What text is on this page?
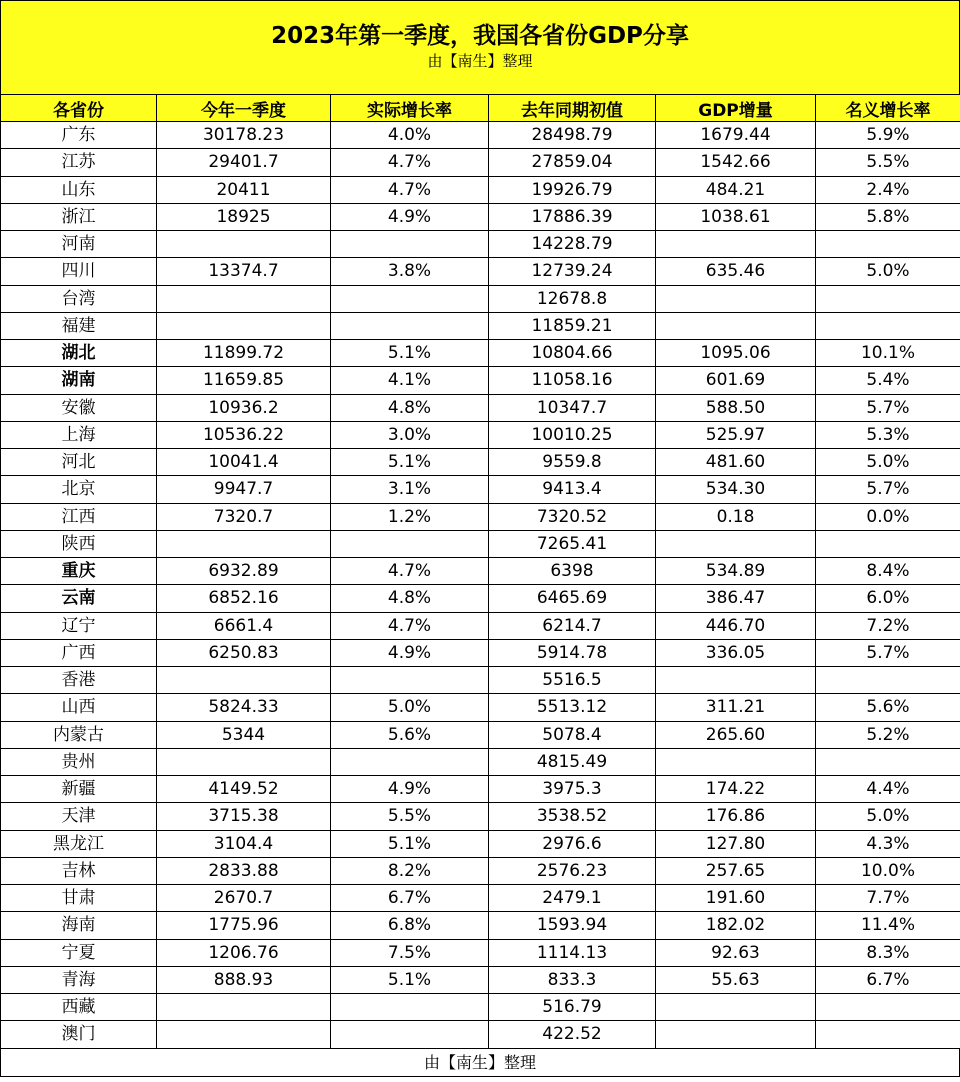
2023年第一季度，我国各省份GDP分享
由【南生】整理
各省份	今年一季度	实际增长率	去年同期初值	GDP增量	名义增长率
广东	30178.23	4.0%	28498.79	1679.44	5.9%
江苏	29401.7	4.7%	27859.04	1542.66	5.5%
山东	20411	4.7%	19926.79	484.21	2.4%
浙江	18925	4.9%	17886.39	1038.61	5.8%
河南			14228.79		
四川	13374.7	3.8%	12739.24	635.46	5.0%
台湾			12678.8		
福建			11859.21		
湖北	11899.72	5.1%	10804.66	1095.06	10.1%
湖南	11659.85	4.1%	11058.16	601.69	5.4%
安徽	10936.2	4.8%	10347.7	588.50	5.7%
上海	10536.22	3.0%	10010.25	525.97	5.3%
河北	10041.4	5.1%	9559.8	481.60	5.0%
北京	9947.7	3.1%	9413.4	534.30	5.7%
江西	7320.7	1.2%	7320.52	0.18	0.0%
陕西			7265.41		
重庆	6932.89	4.7%	6398	534.89	8.4%
云南	6852.16	4.8%	6465.69	386.47	6.0%
辽宁	6661.4	4.7%	6214.7	446.70	7.2%
广西	6250.83	4.9%	5914.78	336.05	5.7%
香港			5516.5		
山西	5824.33	5.0%	5513.12	311.21	5.6%
内蒙古	5344	5.6%	5078.4	265.60	5.2%
贵州			4815.49		
新疆	4149.52	4.9%	3975.3	174.22	4.4%
天津	3715.38	5.5%	3538.52	176.86	5.0%
黑龙江	3104.4	5.1%	2976.6	127.80	4.3%
吉林	2833.88	8.2%	2576.23	257.65	10.0%
甘肃	2670.7	6.7%	2479.1	191.60	7.7%
海南	1775.96	6.8%	1593.94	182.02	11.4%
宁夏	1206.76	7.5%	1114.13	92.63	8.3%
青海	888.93	5.1%	833.3	55.63	6.7%
西藏			516.79		
澳门			422.52		
由【南生】整理
